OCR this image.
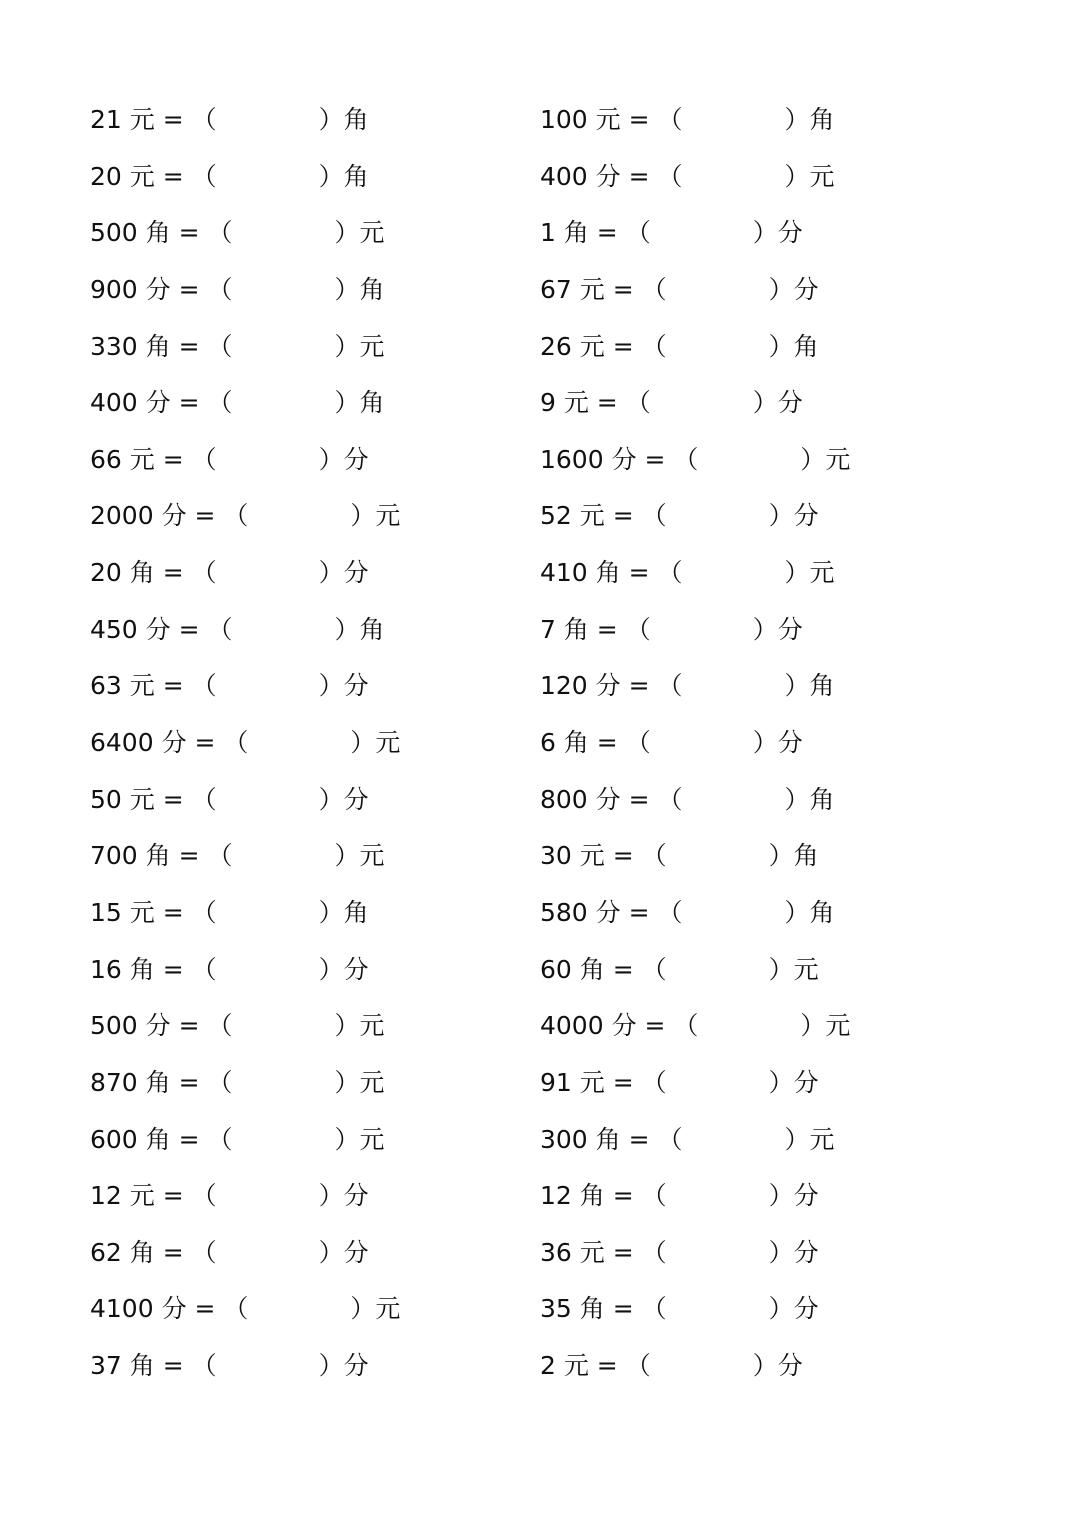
21 元 = （	）角
20 元 = （	）角
500 角 = （	）元
900 分 = （	）角
330 角 = （	）元
400 分 = （	）角
66 元 = （	）分
2000 分 = （	）元
20 角 = （	）分
450 分 = （	）角
63 元 = （	）分
6400 分 = （	）元
50 元 = （	）分
700 角 = （	）元
15 元 = （	）角
16 角 = （	）分
500 分 = （	）元
870 角 = （	）元
600 角 = （	）元
12 元 = （	）分
62 角 = （	）分
4100 分 = （	）元
37 角 = （	）分
100 元 = （	）角
400 分 = （	）元
1 角 = （	）分
67 元 = （	）分
26 元 = （	）角
9 元 = （	）分
1600 分 = （	）元
52 元 = （	）分
410 角 = （	）元
7 角 = （	）分
120 分 = （	）角
6 角 = （	）分
800 分 = （	）角
30 元 = （	）角
580 分 = （	）角
60 角 = （	）元
4000 分 = （	）元
91 元 = （	）分
300 角 = （	）元
12 角 = （	）分
36 元 = （	）分
35 角 = （	）分
2 元 = （	）分
